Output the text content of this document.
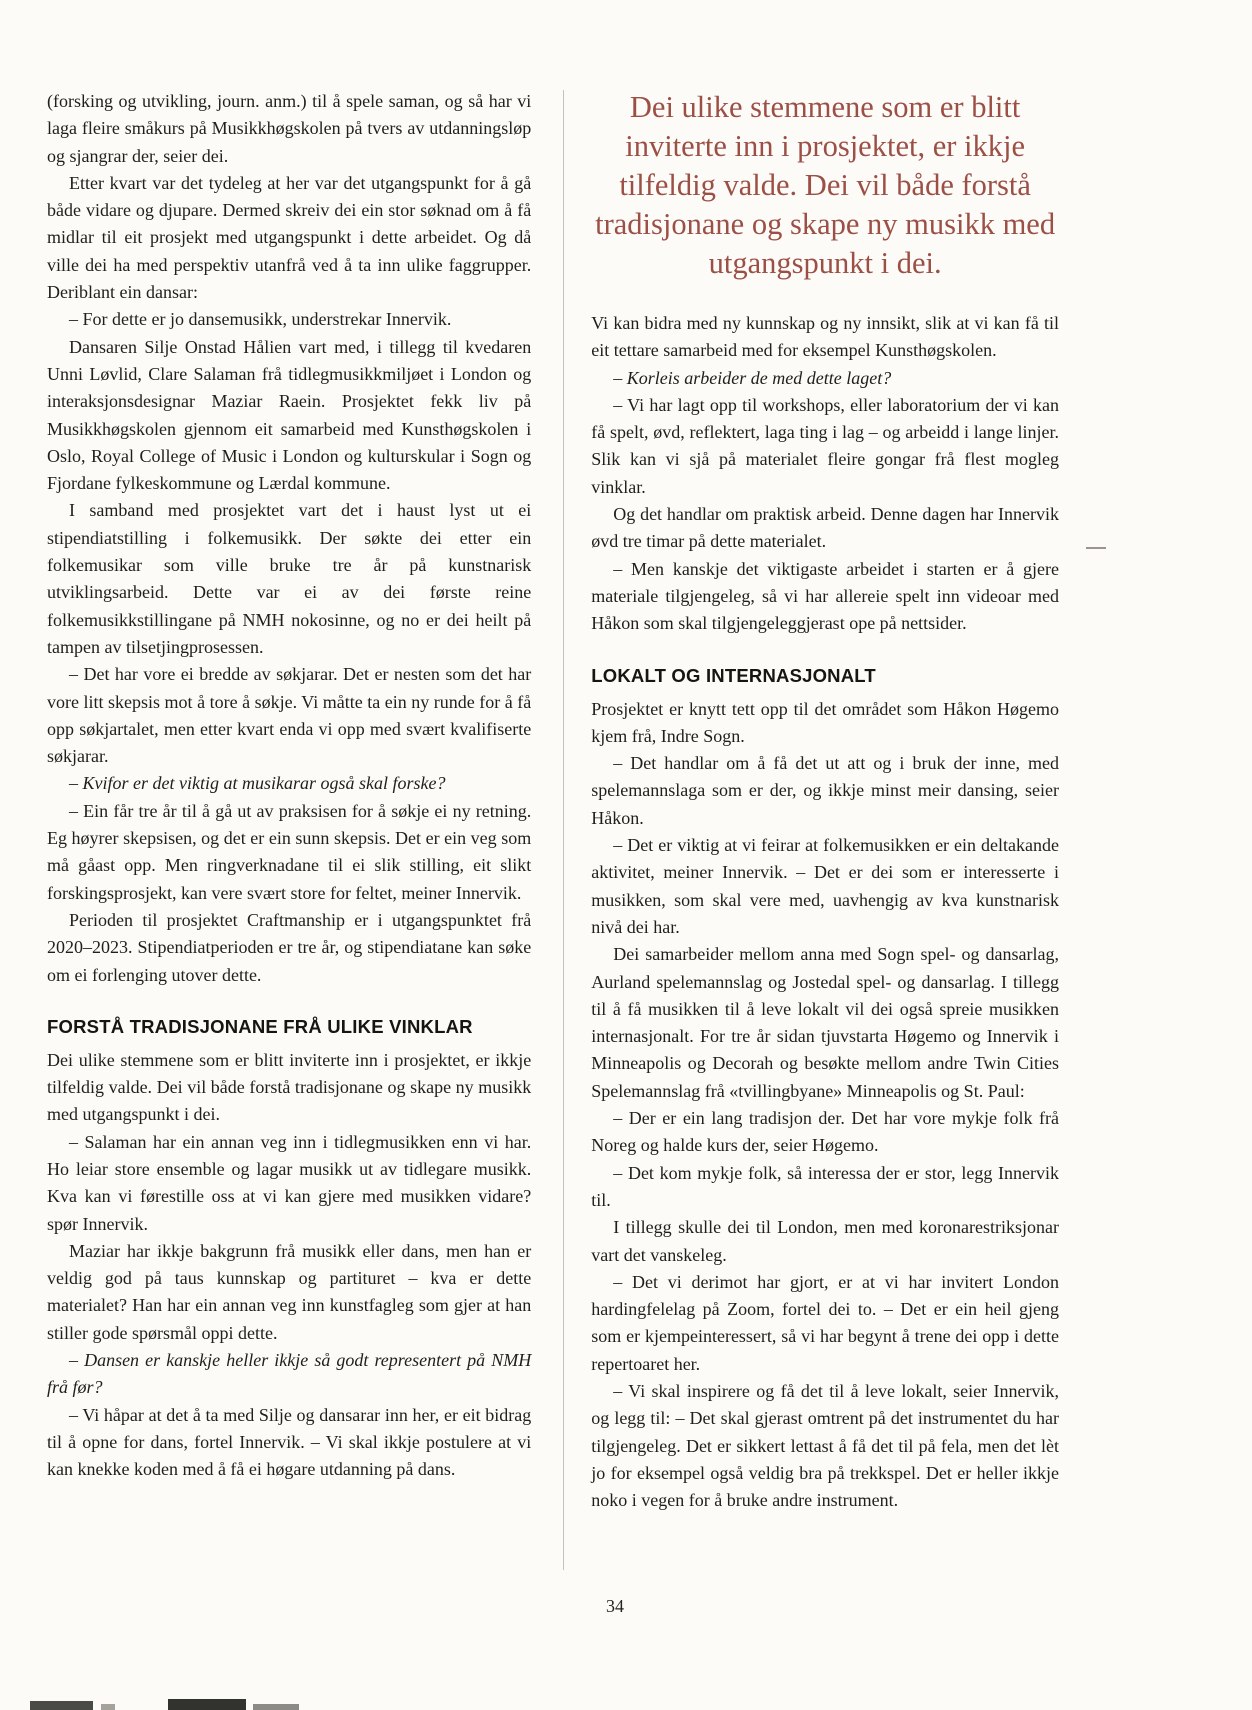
(forsking og utvikling, journ. anm.) til å spele saman, og så har vi laga fleire småkurs på Musikkhøgskolen på tvers av utdanningsløp og sjangrar der, seier dei.

Etter kvart var det tydeleg at her var det utgangspunkt for å gå både vidare og djupare. Dermed skreiv dei ein stor søknad om å få midlar til eit prosjekt med utgangspunkt i dette arbeidet. Og då ville dei ha med perspektiv utanfrå ved å ta inn ulike faggrupper. Deriblant ein dansar:

– For dette er jo dansemusikk, understrekar Innervik.

Dansaren Silje Onstad Hålien vart med, i tillegg til kvedaren Unni Løvlid, Clare Salaman frå tidlegmusikkmiljøet i London og interaksjonsdesignar Maziar Raein. Prosjektet fekk liv på Musikkhøgskolen gjennom eit samarbeid med Kunsthøgskolen i Oslo, Royal College of Music i London og kulturskular i Sogn og Fjordane fylkeskommune og Lærdal kommune.

I samband med prosjektet vart det i haust lyst ut ei stipendiatstilling i folkemusikk. Der søkte dei etter ein folkemusikar som ville bruke tre år på kunstnarisk utviklingsarbeid. Dette var ei av dei første reine folkemusikkstillingane på NMH nokosinne, og no er dei heilt på tampen av tilsetjingprosessen.

– Det har vore ei bredde av søkjarar. Det er nesten som det har vore litt skepsis mot å tore å søkje. Vi måtte ta ein ny runde for å få opp søkjartalet, men etter kvart enda vi opp med svært kvalifiserte søkjarar.

– Kvifor er det viktig at musikarar også skal forske?

– Ein får tre år til å gå ut av praksisen for å søkje ei ny retning. Eg høyrer skepsisen, og det er ein sunn skepsis. Det er ein veg som må gåast opp. Men ringverknadane til ei slik stilling, eit slikt forskingsprosjekt, kan vere svært store for feltet, meiner Innervik.

Perioden til prosjektet Craftmanship er i utgangspunktet frå 2020–2023. Stipendiatperioden er tre år, og stipendiatane kan søke om ei forlenging utover dette.

FORSTÅ TRADISJONANE FRÅ ULIKE VINKLAR

Dei ulike stemmene som er blitt inviterte inn i prosjektet, er ikkje tilfeldig valde. Dei vil både forstå tradisjonane og skape ny musikk med utgangspunkt i dei.

– Salaman har ein annan veg inn i tidlegmusikken enn vi har. Ho leiar store ensemble og lagar musikk ut av tidlegare musikk. Kva kan vi førestille oss at vi kan gjere med musikken vidare? spør Innervik.

Maziar har ikkje bakgrunn frå musikk eller dans, men han er veldig god på taus kunnskap og partituret – kva er dette materialet? Han har ein annan veg inn kunstfagleg som gjer at han stiller gode spørsmål oppi dette.

– Dansen er kanskje heller ikkje så godt representert på NMH frå før?

– Vi håpar at det å ta med Silje og dansarar inn her, er eit bidrag til å opne for dans, fortel Innervik. – Vi skal ikkje postulere at vi kan knekke koden med å få ei høgare utdanning på dans.

Dei ulike stemmene som er blitt inviterte inn i prosjektet, er ikkje tilfeldig valde. Dei vil både forstå tradisjonane og skape ny musikk med utgangspunkt i dei.

Vi kan bidra med ny kunnskap og ny innsikt, slik at vi kan få til eit tettare samarbeid med for eksempel Kunsthøgskolen.

– Korleis arbeider de med dette laget?

– Vi har lagt opp til workshops, eller laboratorium der vi kan få spelt, øvd, reflektert, laga ting i lag – og arbeidd i lange linjer. Slik kan vi sjå på materialet fleire gongar frå flest mogleg vinklar.

Og det handlar om praktisk arbeid. Denne dagen har Innervik øvd tre timar på dette materialet.

– Men kanskje det viktigaste arbeidet i starten er å gjere materiale tilgjengeleg, så vi har allereie spelt inn videoar med Håkon som skal tilgjengeleggjerast ope på nettsider.

LOKALT OG INTERNASJONALT

Prosjektet er knytt tett opp til det området som Håkon Høgemo kjem frå, Indre Sogn.

– Det handlar om å få det ut att og i bruk der inne, med spelemannslaga som er der, og ikkje minst meir dansing, seier Håkon.

– Det er viktig at vi feirar at folkemusikken er ein deltakande aktivitet, meiner Innervik. – Det er dei som er interesserte i musikken, som skal vere med, uavhengig av kva kunstnarisk nivå dei har.

Dei samarbeider mellom anna med Sogn spel- og dansarlag, Aurland spelemannslag og Jostedal spel- og dansarlag. I tillegg til å få musikken til å leve lokalt vil dei også spreie musikken internasjonalt. For tre år sidan tjuvstarta Høgemo og Innervik i Minneapolis og Decorah og besøkte mellom andre Twin Cities Spelemannslag frå «tvillingbyane» Minneapolis og St. Paul:

– Der er ein lang tradisjon der. Det har vore mykje folk frå Noreg og halde kurs der, seier Høgemo.

– Det kom mykje folk, så interessa der er stor, legg Innervik til.

I tillegg skulle dei til London, men med koronarestriksjonar vart det vanskeleg.

– Det vi derimot har gjort, er at vi har invitert London hardingfelelag på Zoom, fortel dei to. – Det er ein heil gjeng som er kjempeinteressert, så vi har begynt å trene dei opp i dette repertoaret her.

– Vi skal inspirere og få det til å leve lokalt, seier Innervik, og legg til: – Det skal gjerast omtrent på det instrumentet du har tilgjengeleg. Det er sikkert lettast å få det til på fela, men det lèt jo for eksempel også veldig bra på trekkspel. Det er heller ikkje noko i vegen for å bruke andre instrument.

34
